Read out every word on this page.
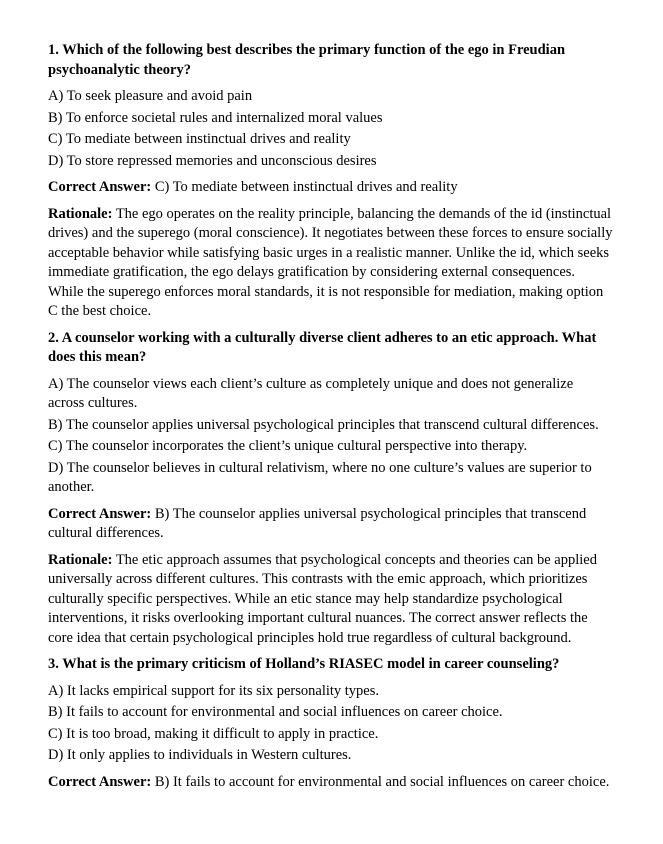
1. Which of the following best describes the primary function of the ego in Freudian psychoanalytic theory?

A) To seek pleasure and avoid pain

B) To enforce societal rules and internalized moral values

C) To mediate between instinctual drives and reality

D) To store repressed memories and unconscious desires

Correct Answer: C) To mediate between instinctual drives and reality

Rationale: The ego operates on the reality principle, balancing the demands of the id (instinctual drives) and the superego (moral conscience). It negotiates between these forces to ensure socially acceptable behavior while satisfying basic urges in a realistic manner. Unlike the id, which seeks immediate gratification, the ego delays gratification by considering external consequences. While the superego enforces moral standards, it is not responsible for mediation, making option C the best choice.

2. A counselor working with a culturally diverse client adheres to an etic approach. What does this mean?

A) The counselor views each client’s culture as completely unique and does not generalize across cultures.

B) The counselor applies universal psychological principles that transcend cultural differences.

C) The counselor incorporates the client’s unique cultural perspective into therapy.

D) The counselor believes in cultural relativism, where no one culture’s values are superior to another.

Correct Answer: B) The counselor applies universal psychological principles that transcend cultural differences.

Rationale: The etic approach assumes that psychological concepts and theories can be applied universally across different cultures. This contrasts with the emic approach, which prioritizes culturally specific perspectives. While an etic stance may help standardize psychological interventions, it risks overlooking important cultural nuances. The correct answer reflects the core idea that certain psychological principles hold true regardless of cultural background.

3. What is the primary criticism of Holland’s RIASEC model in career counseling?

A) It lacks empirical support for its six personality types.

B) It fails to account for environmental and social influences on career choice.

C) It is too broad, making it difficult to apply in practice.

D) It only applies to individuals in Western cultures.

Correct Answer: B) It fails to account for environmental and social influences on career choice.
